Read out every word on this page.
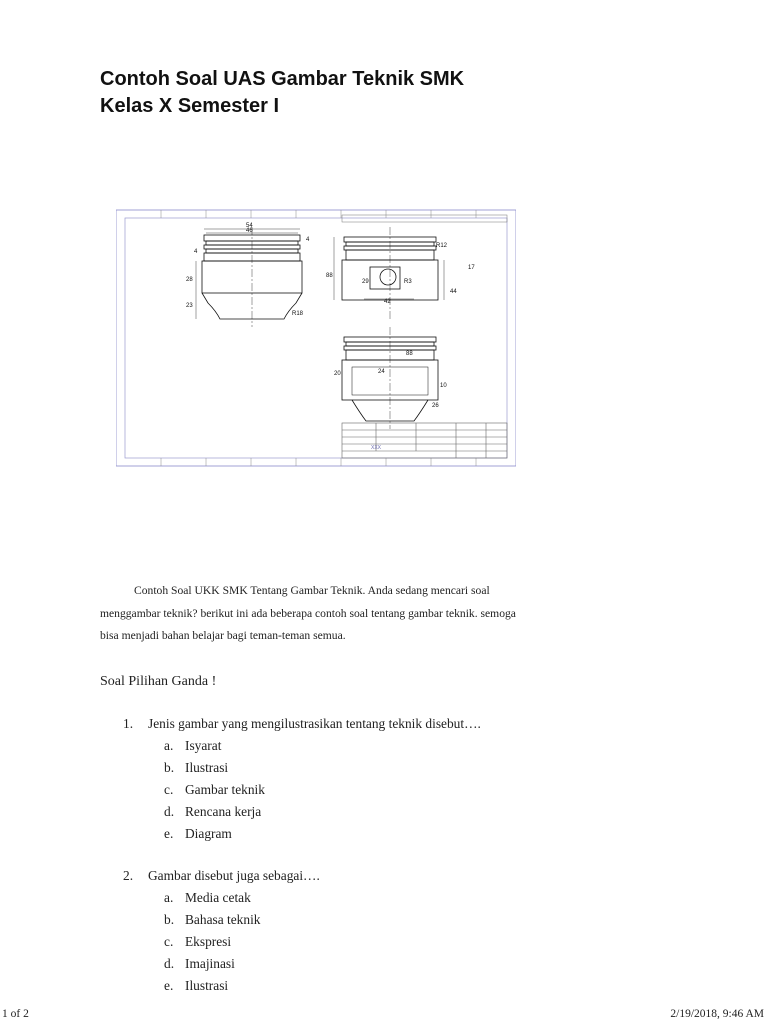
Contoh Soal UAS Gambar Teknik SMK
Kelas X Semester I
54
46
4
4
28
23
R18
R12
88
17
44
42
29	R3
88
20	24
10
26
XXX

Contoh Soal UKK SMK Tentang Gambar Teknik. Anda sedang mencari soal menggambar teknik? berikut ini ada beberapa contoh soal tentang gambar teknik. semoga bisa menjadi bahan belajar bagi teman-teman semua.

Soal Pilihan Ganda !
1. Jenis gambar yang mengilustrasikan tentang teknik disebut….
a. Isyarat
b. Ilustrasi
c. Gambar teknik
d. Rencana kerja
e. Diagram
2. Gambar disebut juga sebagai….
a. Media cetak
b. Bahasa teknik
c. Ekspresi
d. Imajinasi
e. Ilustrasi
1 of 2	2/19/2018, 9:46 AM
